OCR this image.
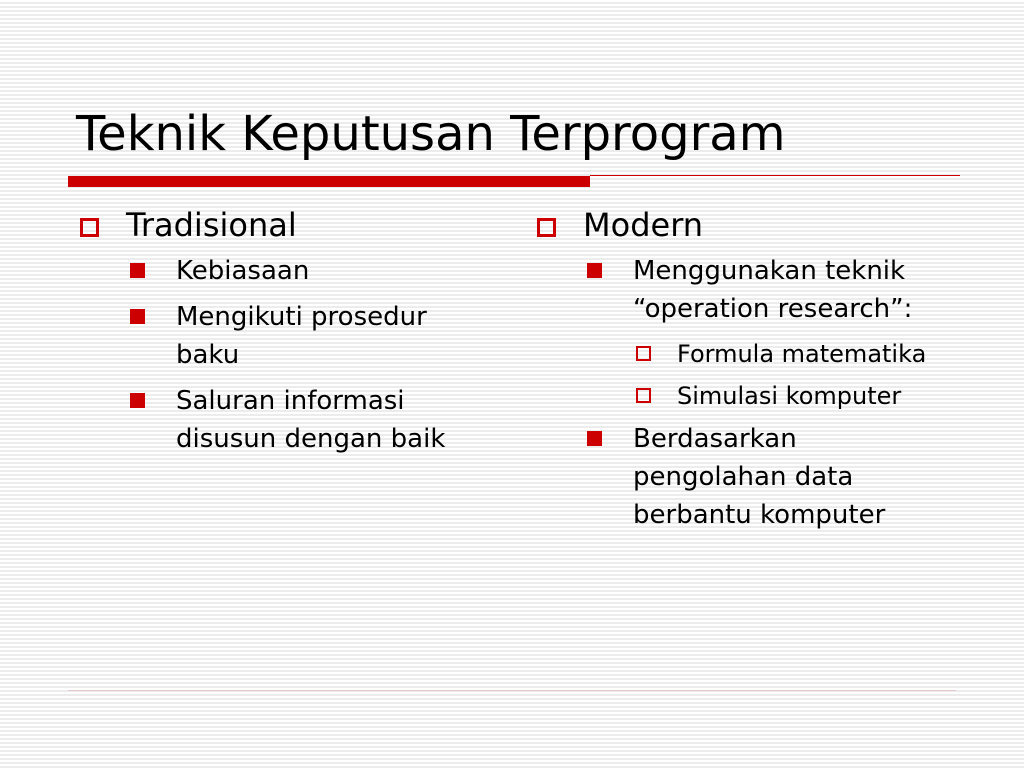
Teknik Keputusan Terprogram
Tradisional
Kebiasaan
Mengikuti prosedur baku
Saluran informasi disusun dengan baik
Modern
Menggunakan teknik “operation research”:
Formula matematika
Simulasi komputer
Berdasarkan pengolahan data berbantu komputer
